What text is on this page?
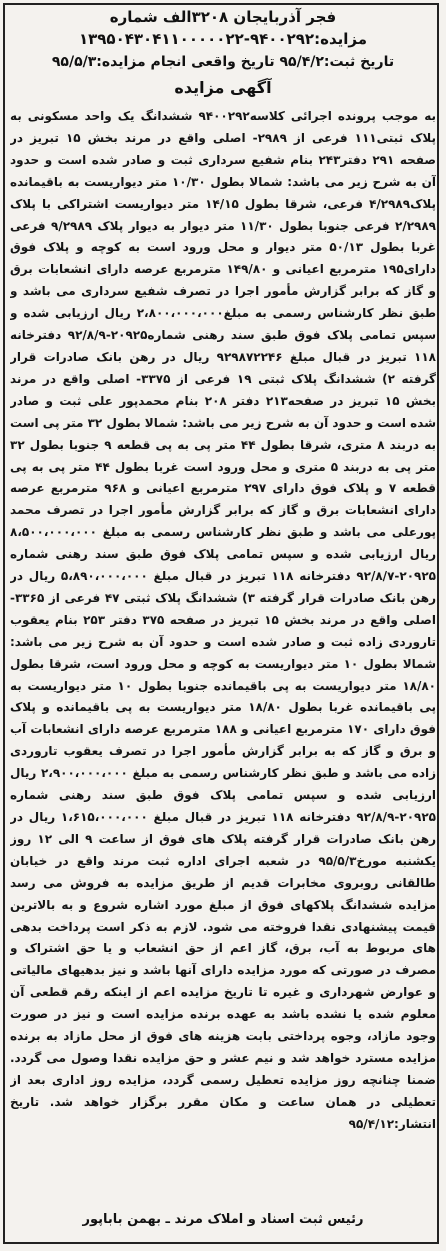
فجر آذربایجان ۳۲۰۸الف شماره
مزایده:۹۴۰۰۲۹۲-۱۳۹۵۰۴۳۰۴۱۱۰۰۰۰۰۲۲
تاریخ ثبت:۹۵/۴/۲ تاریخ واقعی انجام مزایده:۹۵/۵/۳
آگهی مزایده
به موجب پرونده اجرائی کلاسه۹۴۰۰۲۹۲ ششدانگ یک واحد مسکونی به پلاک ثبتی۱۱۱ فرعی از ۲۹۸۹- اصلی واقع در مرند بخش ۱۵ تبریز در صفحه ۲۹۱ دفتر۲۴۳ بنام شفیع سرداری ثبت و صادر شده است و حدود آن به شرح زیر می باشد: شمالا بطول ۱۰/۳۰ متر دیواریست به باقیمانده پلاک۴/۲۹۸۹ فرعی، شرقا بطول ۱۴/۱۵ متر دیواریست اشتراکی با پلاک ۲/۲۹۸۹ فرعی جنوبا بطول ۱۱/۳۰ متر دیوار به دیوار پلاک ۹/۲۹۸۹ فرعی غربا بطول ۵۰/۱۳ متر دیوار و محل ورود است به کوچه و پلاک فوق دارای۱۹۵ مترمربع اعیانی و ۱۴۹/۸۰ مترمربع عرصه دارای انشعابات برق و گاز که برابر گزارش مأمور اجرا در تصرف شفیع سرداری می باشد و طبق نظر کارشناس رسمی به مبلغ۲،۸۰۰،۰۰۰،۰۰۰ ریال ارزیابی شده و سپس تمامی پلاک فوق طبق سند رهنی شماره۲۰۹۲۵-۹۲/۸/۹ دفترخانه ۱۱۸ تبریز در قبال مبلغ ۹۲۹۸۷۲۲۴۶ ریال در رهن بانک صادرات قرار گرفته ۲) ششدانگ پلاک ثبتی ۱۹ فرعی از ۳۳۷۵- اصلی واقع در مرند بخش ۱۵ تبریز در صفحه۲۱۳ دفتر ۲۰۸ بنام محمدپور علی ثبت و صادر شده است و حدود آن به شرح زیر می باشد: شمالا بطول ۳۲ متر پی است به دربند ۸ متری، شرقا بطول ۴۴ متر پی به پی قطعه ۹ جنوبا بطول ۳۲ متر پی به دربند ۵ متری و محل ورود است غربا بطول ۴۴ متر پی به پی قطعه ۷ و پلاک فوق دارای ۲۹۷ مترمربع اعیانی و ۹۶۸ مترمربع عرصه دارای انشعابات برق و گاز که برابر گزارش مأمور اجرا در تصرف محمد پورعلی می باشد و طبق نظر کارشناس رسمی به مبلغ ۸،۵۰۰،۰۰۰،۰۰۰ ریال ارزیابی شده و سپس تمامی پلاک فوق طبق سند رهنی شماره ۲۰۹۲۵-۹۲/۸/۷ دفترخانه ۱۱۸ تبریز در قبال مبلغ ۵،۸۹۰،۰۰۰،۰۰۰ ریال در رهن بانک صادرات قرار گرفته ۳) ششدانگ پلاک ثبتی ۴۷ فرعی از ۳۳۶۵- اصلی واقع در مرند بخش ۱۵ تبریز در صفحه ۳۷۵ دفتر ۲۵۳ بنام یعقوب تاروردی زاده ثبت و صادر شده است و حدود آن به شرح زیر می باشد: شمالا بطول ۱۰ متر دیواریست به کوچه و محل ورود است، شرقا بطول ۱۸/۸۰ متر دیواریست به پی باقیمانده جنوبا بطول ۱۰ متر دیواریست به پی باقیمانده غربا بطول ۱۸/۸۰ متر دیواریست به پی باقیمانده و پلاک فوق دارای ۱۷۰ مترمربع اعیانی و ۱۸۸ مترمربع عرصه دارای انشعابات آب و برق و گاز که به برابر گزارش مأمور اجرا در تصرف یعقوب تاروردی زاده می باشد و طبق نظر کارشناس رسمی به مبلغ ۲،۹۰۰،۰۰۰،۰۰۰ ریال ارزیابی شده و سپس تمامی پلاک فوق طبق سند رهنی شماره ۲۰۹۲۵-۹۲/۸/۹ دفترخانه ۱۱۸ تبریز در قبال مبلغ ۱،۶۱۵،۰۰۰،۰۰۰ ریال در رهن بانک صادرات قرار گرفته پلاک های فوق از ساعت ۹ الی ۱۲ روز یکشنبه مورخ۹۵/۵/۳ در شعبه اجرای اداره ثبت مرند واقع در خیابان طالقانی روبروی مخابرات قدیم از طریق مزایده به فروش می رسد مزایده ششدانگ پلاکهای فوق از مبلغ مورد اشاره شروع و به بالاترین قیمت پیشنهادی نقدا فروخته می شود. لازم به ذکر است پرداخت بدهی های مربوط به آب، برق، گاز اعم از حق انشعاب و یا حق اشتراک و مصرف در صورتی که مورد مزایده دارای آنها باشد و نیز بدهیهای مالیاتی و عوارض شهرداری و غیره تا تاریخ مزایده اعم از اینکه رقم قطعی آن معلوم شده یا نشده باشد به عهده برنده مزایده است و نیز در صورت وجود مازاد، وجوه پرداختی بابت هزینه های فوق از محل مازاد به برنده مزایده مسترد خواهد شد و نیم عشر و حق مزایده نقدا وصول می گردد. ضمنا چنانچه روز مزایده تعطیل رسمی گردد، مزایده روز اداری بعد از تعطیلی در همان ساعت و مکان مقرر برگزار خواهد شد. تاریخ انتشار:۹۵/۴/۱۲
رئیس ثبت اسناد و املاک مرند ـ بهمن باباپور
